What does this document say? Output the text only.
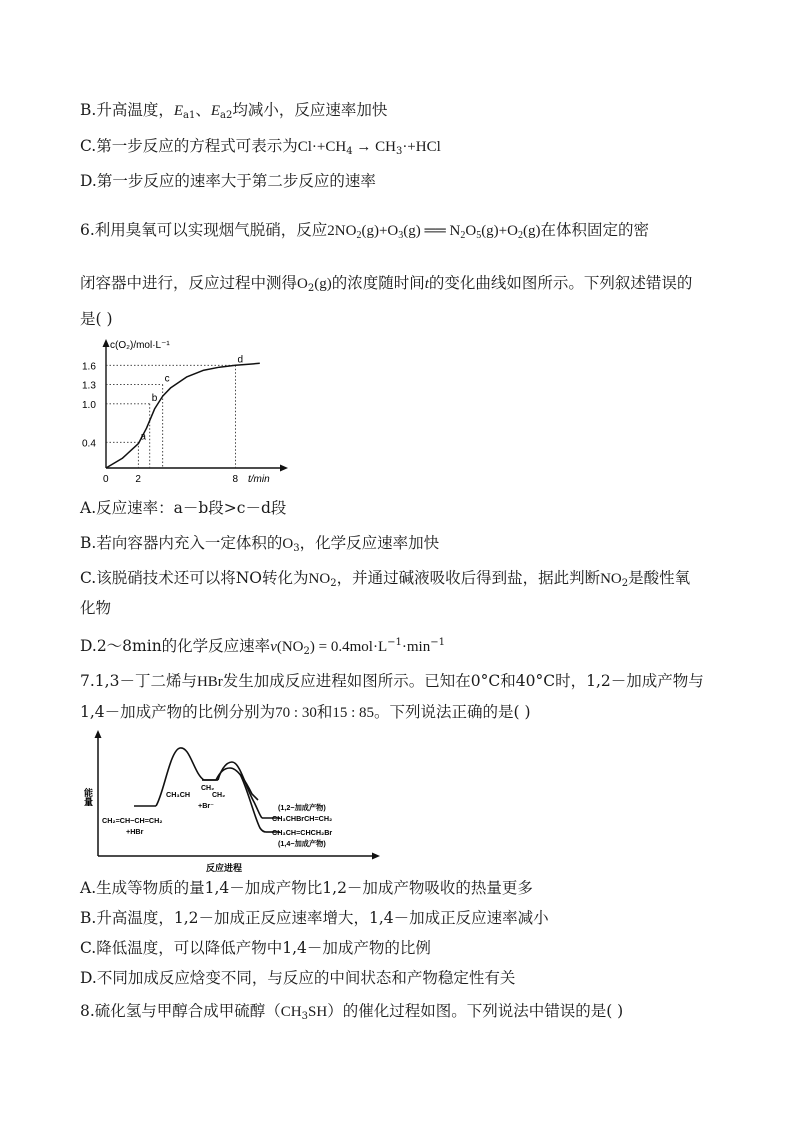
B.升高温度，$E_{a1}$、$E_{a2}$均减小，反应速率加快
C.第一步反应的方程式可表示为$Cl\cdot+CH_4 \to CH_3\cdot+HCl$
D.第一步反应的速率大于第二步反应的速率
6.利用臭氧可以实现烟气脱硝，反应$2NO_2(g)+O_3(g)$ ══ $N_2O_5(g)+O_2(g)$在体积固定的密
闭容器中进行，反应过程中测得$O_2(g)$的浓度随时间t的变化曲线如图所示。下列叙述错误的
是( )
c(O₂)/mol·L⁻¹
t/min
0.4
1.0
1.3
1.6
0	2	8
a
b
c
d
A.反应速率：a－b段>c－d段
B.若向容器内充入一定体积的$O_3$，化学反应速率加快
C.该脱硝技术还可以将NO转化为$NO_2$，并通过碱液吸收后得到盐，据此判断$NO_2$是酸性氧
化物
D.2～8min的化学反应速率$v(NO_2) = 0.4mol\cdot L^{-1}\cdot\min^{-1}$
7.1,3－丁二烯与HBr发生加成反应进程如图所示。已知在0°C和40°C时，1,2－加成产物与
1,4－加成产物的比例分别为70 : 30和15 : 85。下列说法正确的是( )
能量
反应进程
CH₂=CH−CH=CH₂
+HBr
CH₃CH
CH₂
CH₂
+Br⁻	(1,2−加成产物)
CH₃CHBrCH=CH₂
CH₃CH=CHCH₂Br
(1,4−加成产物)
A.生成等物质的量1,4－加成产物比1,2－加成产物吸收的热量更多
B.升高温度，1,2－加成正反应速率增大，1,4－加成正反应速率减小
C.降低温度，可以降低产物中1,4－加成产物的比例
D.不同加成反应焓变不同，与反应的中间状态和产物稳定性有关
8.硫化氢与甲醇合成甲硫醇$(CH_3SH)$的催化过程如图。下列说法中错误的是( )
